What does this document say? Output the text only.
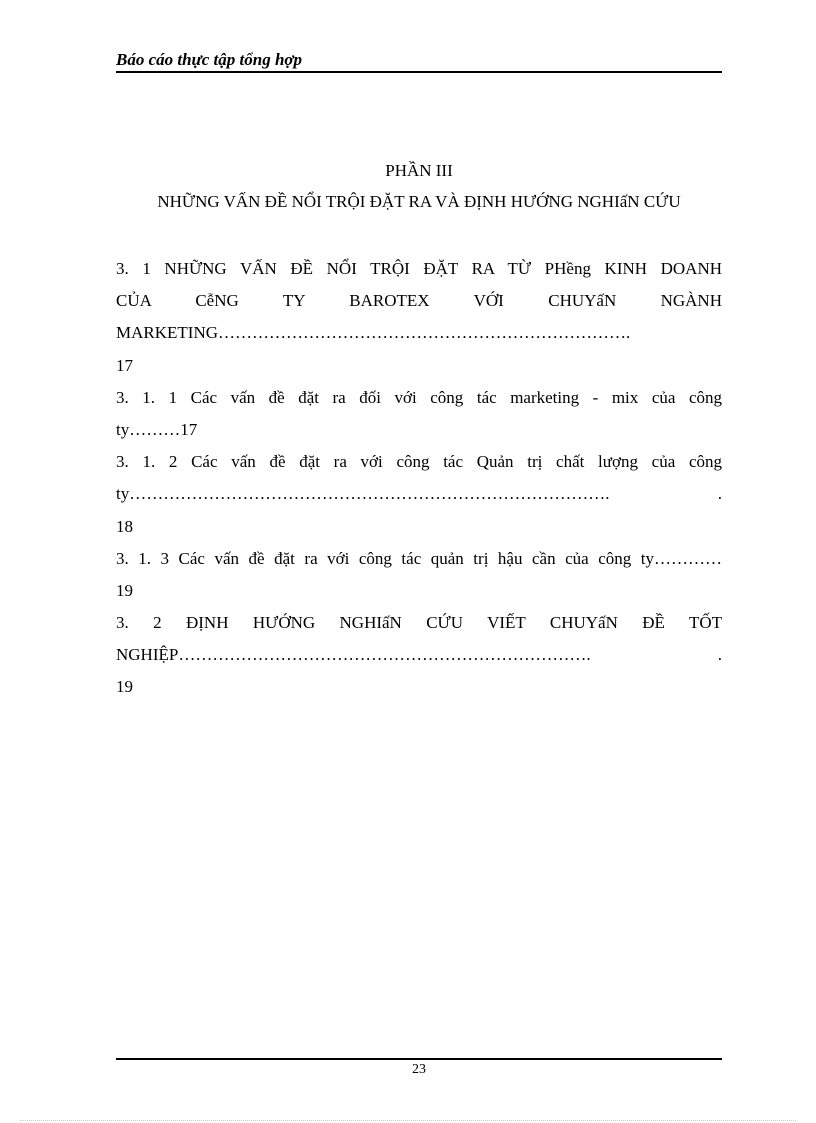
Báo cáo thực tập tổng hợp
PHẦN III
NHỮNG VẤN ĐỀ NỔI TRỘI ĐẶT RA VÀ ĐỊNH HƯỚNG NGHIấN CỨU
3. 1 NHỮNG VẤN ĐỀ NỔI TRỘI ĐẶT RA TỪ PHềng KINH DOANH
CỦA CễNG TY BAROTEX VỚI CHUYấN NGÀNH
MARKETING……………………………………………………………….
17
3. 1. 1 Các vấn đề đặt ra đối với công tác marketing - mix của công
ty………17
3. 1. 2 Các vấn đề đặt ra với công tác Quản trị chất lượng của công
ty…………………………………………………………………………. .
18
3. 1. 3 Các vấn đề đặt ra với công tác quản trị hậu cần của công ty…………
19
3. 2 ĐỊNH HƯỚNG NGHIấN CỨU VIẾT CHUYấN ĐỀ TỐT
NGHIỆP………………………………………………………………. .
19
23
